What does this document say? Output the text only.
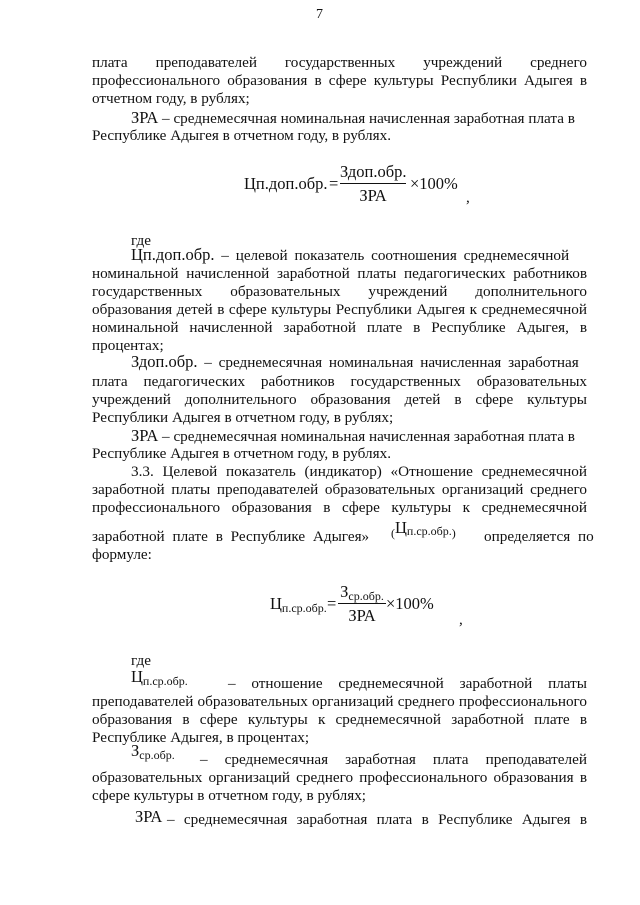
7
плата преподавателей государственных учреждений среднего
профессионального образования в сфере культуры Республики Адыгея в
отчетном году, в рублях;
ЗРА – среднемесячная номинальная начисленная заработная плата в
Республике Адыгея в отчетном году, в рублях.
Цп.доп.обр. =
Здоп.обр.
ЗРА
×100%
,
где
Цп.доп.обр. – целевой показатель соотношения среднемесячной
номинальной начисленной заработной платы педагогических работников
государственных образовательных учреждений дополнительного
образования детей в сфере культуры Республики Адыгея к среднемесячной
номинальной начисленной заработной плате в Республике Адыгея, в
процентах;
Здоп.обр. – среднемесячная номинальная начисленная заработная
плата педагогических работников государственных образовательных
учреждений дополнительного образования детей в сфере культуры
Республики Адыгея в отчетном году, в рублях;
ЗРА – среднемесячная номинальная начисленная заработная плата в
Республике Адыгея в отчетном году, в рублях.
3.3. Целевой показатель (индикатор) «Отношение среднемесячной
заработной платы преподавателей образовательных организаций среднего
профессионального образования в сфере культуры к среднемесячной
заработной плате в Республике Адыгея» $_(Цп.ср.обр._)$ определяется по
формуле:
Цп.ср.обр. =
Зср.обр.
ЗРА
×100%
,
где
Цп.ср.обр.	– отношение среднемесячной заработной платы
преподавателей образовательных организаций среднего профессионального
образования в сфере культуры к среднемесячной заработной плате в
Республике Адыгея, в процентах;
Зср.обр. – среднемесячная заработная плата преподавателей
образовательных организаций среднего профессионального образования в
сфере культуры в отчетном году, в рублях;
ЗРА – среднемесячная заработная плата в Республике Адыгея в
